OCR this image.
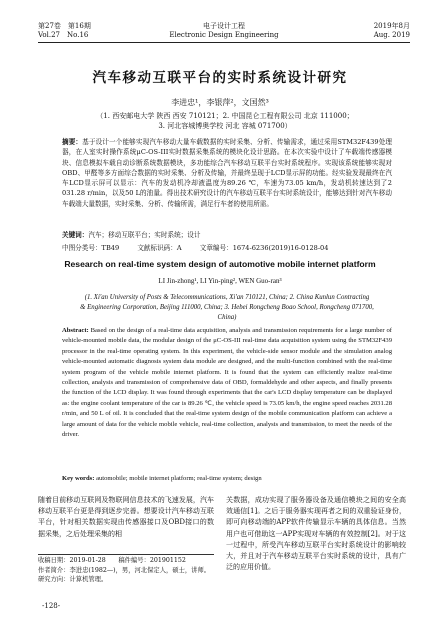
第27卷　第16期
Vol.27　No.16
电子设计工程
Electronic Design Engineering
2019年8月
Aug. 2019
汽车移动互联平台的实时系统设计研究
李进忠¹，李银萍²，文国然³
（1. 西安邮电大学 陕西 西安 710121；2. 中国昆仑工程有限公司 北京 111000；
3. 河北容城博奥学校 河北 容城 071700）
摘要：基于设计一个能够实现汽车移动大量车载数据的实时采集、分析、传输需求，通过采用STM32F439处理器，在人室实时操作系统μC-OS-III实时数据采集系统的模块化设计思路。在本次实验中设计了车载端传感器模块、信息模拟车载自动诊断系统数据模块，多功能综合汽车移动互联平台实时系统程序。实现该系统能够实现对OBD、甲醛等多方面综合数据的实时采集、分析及传输，并最终呈现于LCD显示屏的功能。经实验发现最终在汽车LCD显示屏可以显示：汽车的发动机冷却液温度为89.26 ℃，车速为73.05 km/h，发动机转速达到了2 031.28 r/min，以及50 L的油量。得出技术研究设计的汽车移动互联平台实时系统设计，能够达到针对汽车移动车载端大量数据，实时采集、分析、传输所需，满足行车者的使用所需。
关键词：汽车；移动互联平台；实时系统；设计
中图分类号：TB49	文献标识码：A	文章编号：1674-6236(2019)16-0128-04
Research on real-time system design of automotive mobile internet platform
LI Jin-zhong¹, LI Yin-ping², WEN Guo-ran³
(1. Xi'an University of Posts & Telecommunications, Xi'an 710121, China; 2. China Kunlun Contracting
& Engineering Corporation, Beijing 111000, China; 3. Hebei Rongcheng Boao School, Rongcheng 071700,
China)
Abstract: Based on the design of a real-time data acquisition, analysis and transmission requirements for a large number of vehicle-mounted mobile data, the modular design of the μC-OS-III real-time data acquisition system using the STM32F439 processor in the real-time operating system. In this experiment, the vehicle-side sensor module and the simulation analog vehicle-mounted automatic diagnosis system data module are designed, and the multi-function combined with the real-time system program of the vehicle mobile internet platform. It is found that the system can efficiently realize real-time collection, analysis and transmission of comprehensive data of OBD, formaldehyde and other aspects, and finally presents the function of the LCD display. It was found through experiments that the car's LCD display temperature can be displayed as: the engine coolant temperature of the car is 89.26 ℃, the vehicle speed is 73.05 km/h, the engine speed reaches 2031.28 r/min, and 50 L of oil. It is concluded that the real-time system design of the mobile communication platform can achieve a large amount of data for the vehicle mobile vehicle, real-time collection, analysis and transmission, to meet the needs of the driver.
Key words: automobile; mobile internet platform; real-time system; design
随着目前移动互联网及物联网信息技术的飞速发展，汽车移动互联平台更是得到逐步完善。想要设计汽车移动互联平台，针对相关数据实现由传感器接口及OBD接口的数据采集，之后处理采集的相
关数据，成功实现了服务器设备及通信模块之间的安全高效通信[1]。之后于服务器实现再者之间的双重验证身份，即可向移动端的APP软件传输显示车辆的具体信息。当然用户也可借助这一APP实现对车辆的有效控制[2]。对于这一过程中，所受汽车移动互联平台实时系统设计的影响较大，并且对于汽车移动互联平台实时系统的设计，具有广泛的应用价值。
收稿日期：2019-01-28　　稿件编号：201901152
作者简介：李进忠(1982—)，男，河北保定人，硕士，讲师。研究方向：计算机管理。
-128-
